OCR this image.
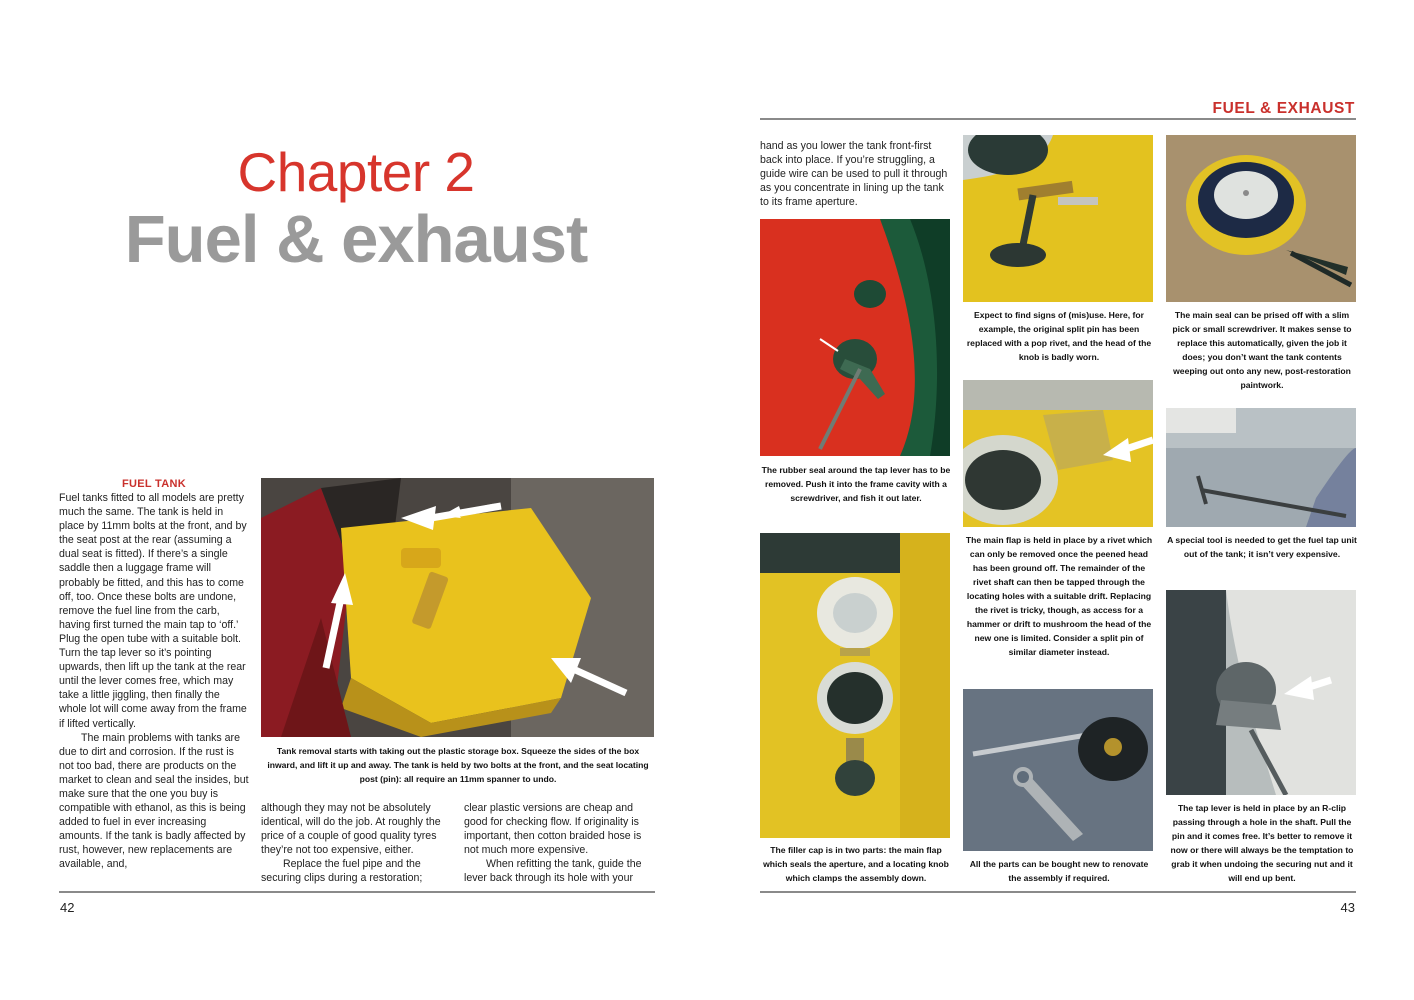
Chapter 2
Fuel & exhaust
FUEL TANK

Fuel tanks fitted to all models are pretty much the same. The tank is held in place by 11mm bolts at the front, and by the seat post at the rear (assuming a dual seat is fitted). If there’s a single saddle then a luggage frame will probably be fitted, and this has to come off, too. Once these bolts are undone, remove the fuel line from the carb, having first turned the main tap to ‘off.’ Plug the open tube with a suitable bolt. Turn the tap lever so it’s pointing upwards, then lift up the tank at the rear until the lever comes free, which may take a little jiggling, then finally the whole lot will come away from the frame if lifted vertically.

The main problems with tanks are due to dirt and corrosion. If the rust is not too bad, there are products on the market to clean and seal the insides, but make sure that the one you buy is compatible with ethanol, as this is being added to fuel in ever increasing amounts. If the tank is badly affected by rust, however, new replacements are available, and,

Tank removal starts with taking out the plastic storage box. Squeeze the sides of the box inward, and lift it up and away. The tank is held by two bolts at the front, and the seat locating post (pin): all require an 11mm spanner to undo.

although they may not be absolutely identical, will do the job. At roughly the price of a couple of good quality tyres they’re not too expensive, either.

Replace the fuel pipe and the securing clips during a restoration;

clear plastic versions are cheap and good for checking flow. If originality is important, then cotton braided hose is not much more expensive.

When refitting the tank, guide the lever back through its hole with your

42
FUEL & EXHAUST

hand as you lower the tank front-first back into place. If you’re struggling, a guide wire can be used to pull it through as you concentrate in lining up the tank to its frame aperture.

The rubber seal around the tap lever has to be removed. Push it into the frame cavity with a screwdriver, and fish it out later.

The filler cap is in two parts: the main flap which seals the aperture, and a locating knob which clamps the assembly down.

Expect to find signs of (mis)use. Here, for example, the original split pin has been replaced with a pop rivet, and the head of the knob is badly worn.

The main flap is held in place by a rivet which can only be removed once the peened head has been ground off. The remainder of the rivet shaft can then be tapped through the locating holes with a suitable drift. Replacing the rivet is tricky, though, as access for a hammer or drift to mushroom the head of the new one is limited. Consider a split pin of similar diameter instead.

All the parts can be bought new to renovate the assembly if required.

The main seal can be prised off with a slim pick or small screwdriver. It makes sense to replace this automatically, given the job it does; you don’t want the tank contents weeping out onto any new, post-restoration paintwork.

A special tool is needed to get the fuel tap unit out of the tank; it isn’t very expensive.

The tap lever is held in place by an R-clip passing through a hole in the shaft. Pull the pin and it comes free. It’s better to remove it now or there will always be the temptation to grab it when undoing the securing nut and it will end up bent.

43
